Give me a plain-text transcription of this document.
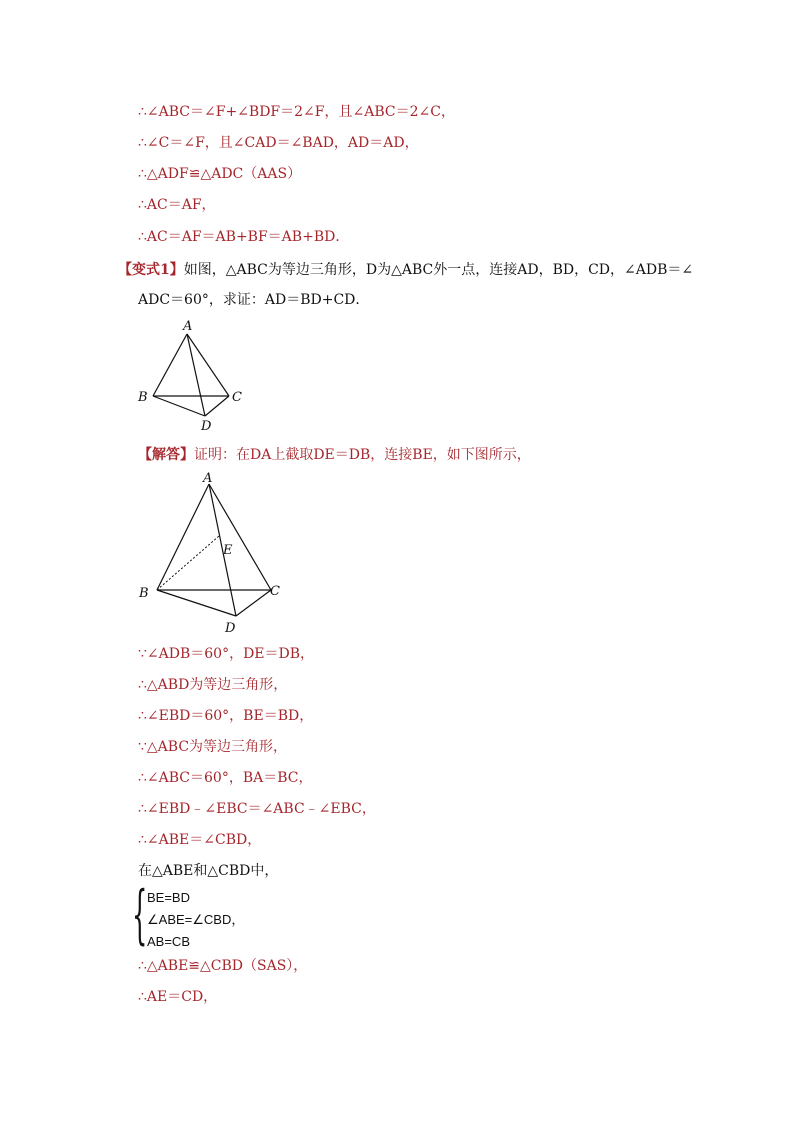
∴∠ABC＝∠F+∠BDF＝2∠F，且∠ABC＝2∠C，
∴∠C＝∠F，且∠CAD＝∠BAD，AD＝AD，
∴△ADF≌△ADC（AAS）
∴AC＝AF，
∴AC＝AF＝AB+BF＝AB+BD．
【变式1】如图，△ABC为等边三角形，D为△ABC外一点，连接AD，BD，CD，∠ADB＝∠
ADC＝60°，求证：AD＝BD+CD．
A
B	C
D
【解答】证明：在DA上截取DE＝DB，连接BE，如下图所示，
A
B	C
D
E
∵∠ADB＝60°，DE＝DB，
∴△ABD为等边三角形，
∴∠EBD＝60°，BE＝BD，
∵△ABC为等边三角形，
∴∠ABC＝60°，BA＝BC，
∴∠EBD﹣∠EBC＝∠ABC﹣∠EBC，
∴∠ABE＝∠CBD，
在△ABE和△CBD中，
{ BE=BD
∠ABE=∠CBD，
AB=CB
∴△ABE≌△CBD（SAS），
∴AE＝CD，
